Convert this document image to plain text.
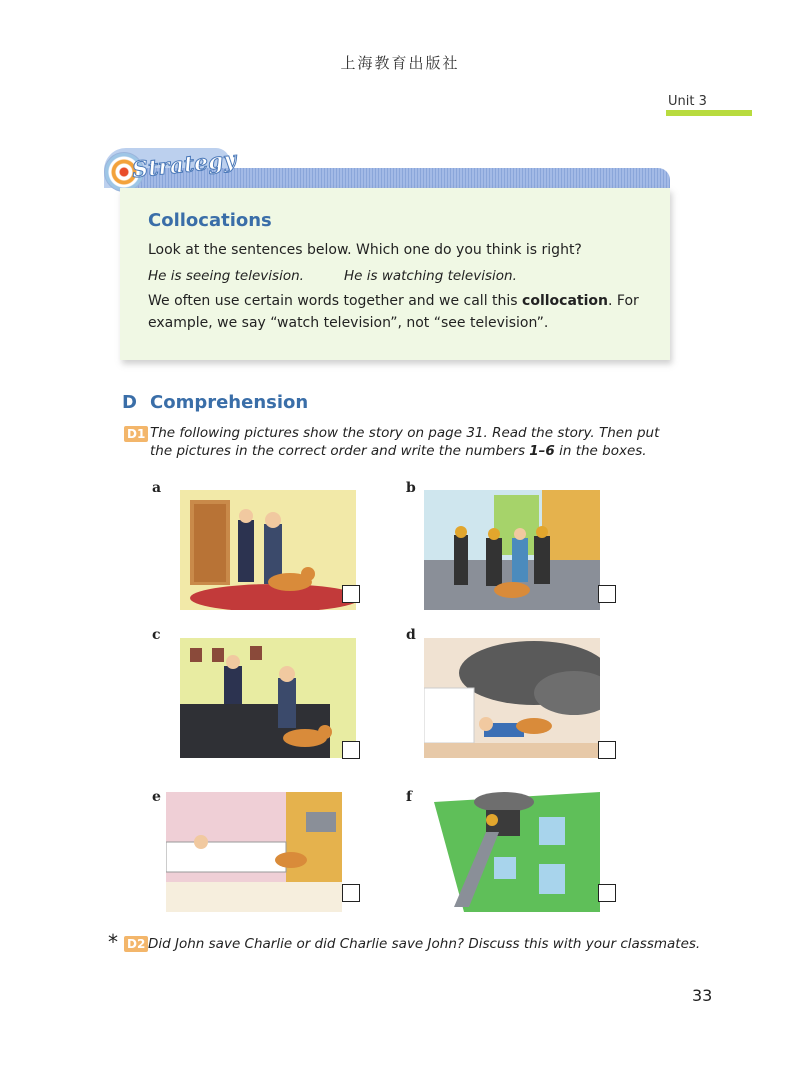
上海教育出版社
Unit 3
Strategy
Collocations
Look at the sentences below. Which one do you think is right?
He is seeing television.	He is watching television.
We often use certain words together and we call this collocation. For
example, we say “watch television”, not “see television”.
D Comprehension
D1 The following pictures show the story on page 31. Read the story. Then put
the pictures in the correct order and write the numbers 1–6 in the boxes.
a	b
c	d
e	f
* D2 Did John save Charlie or did Charlie save John? Discuss this with your classmates.
33
